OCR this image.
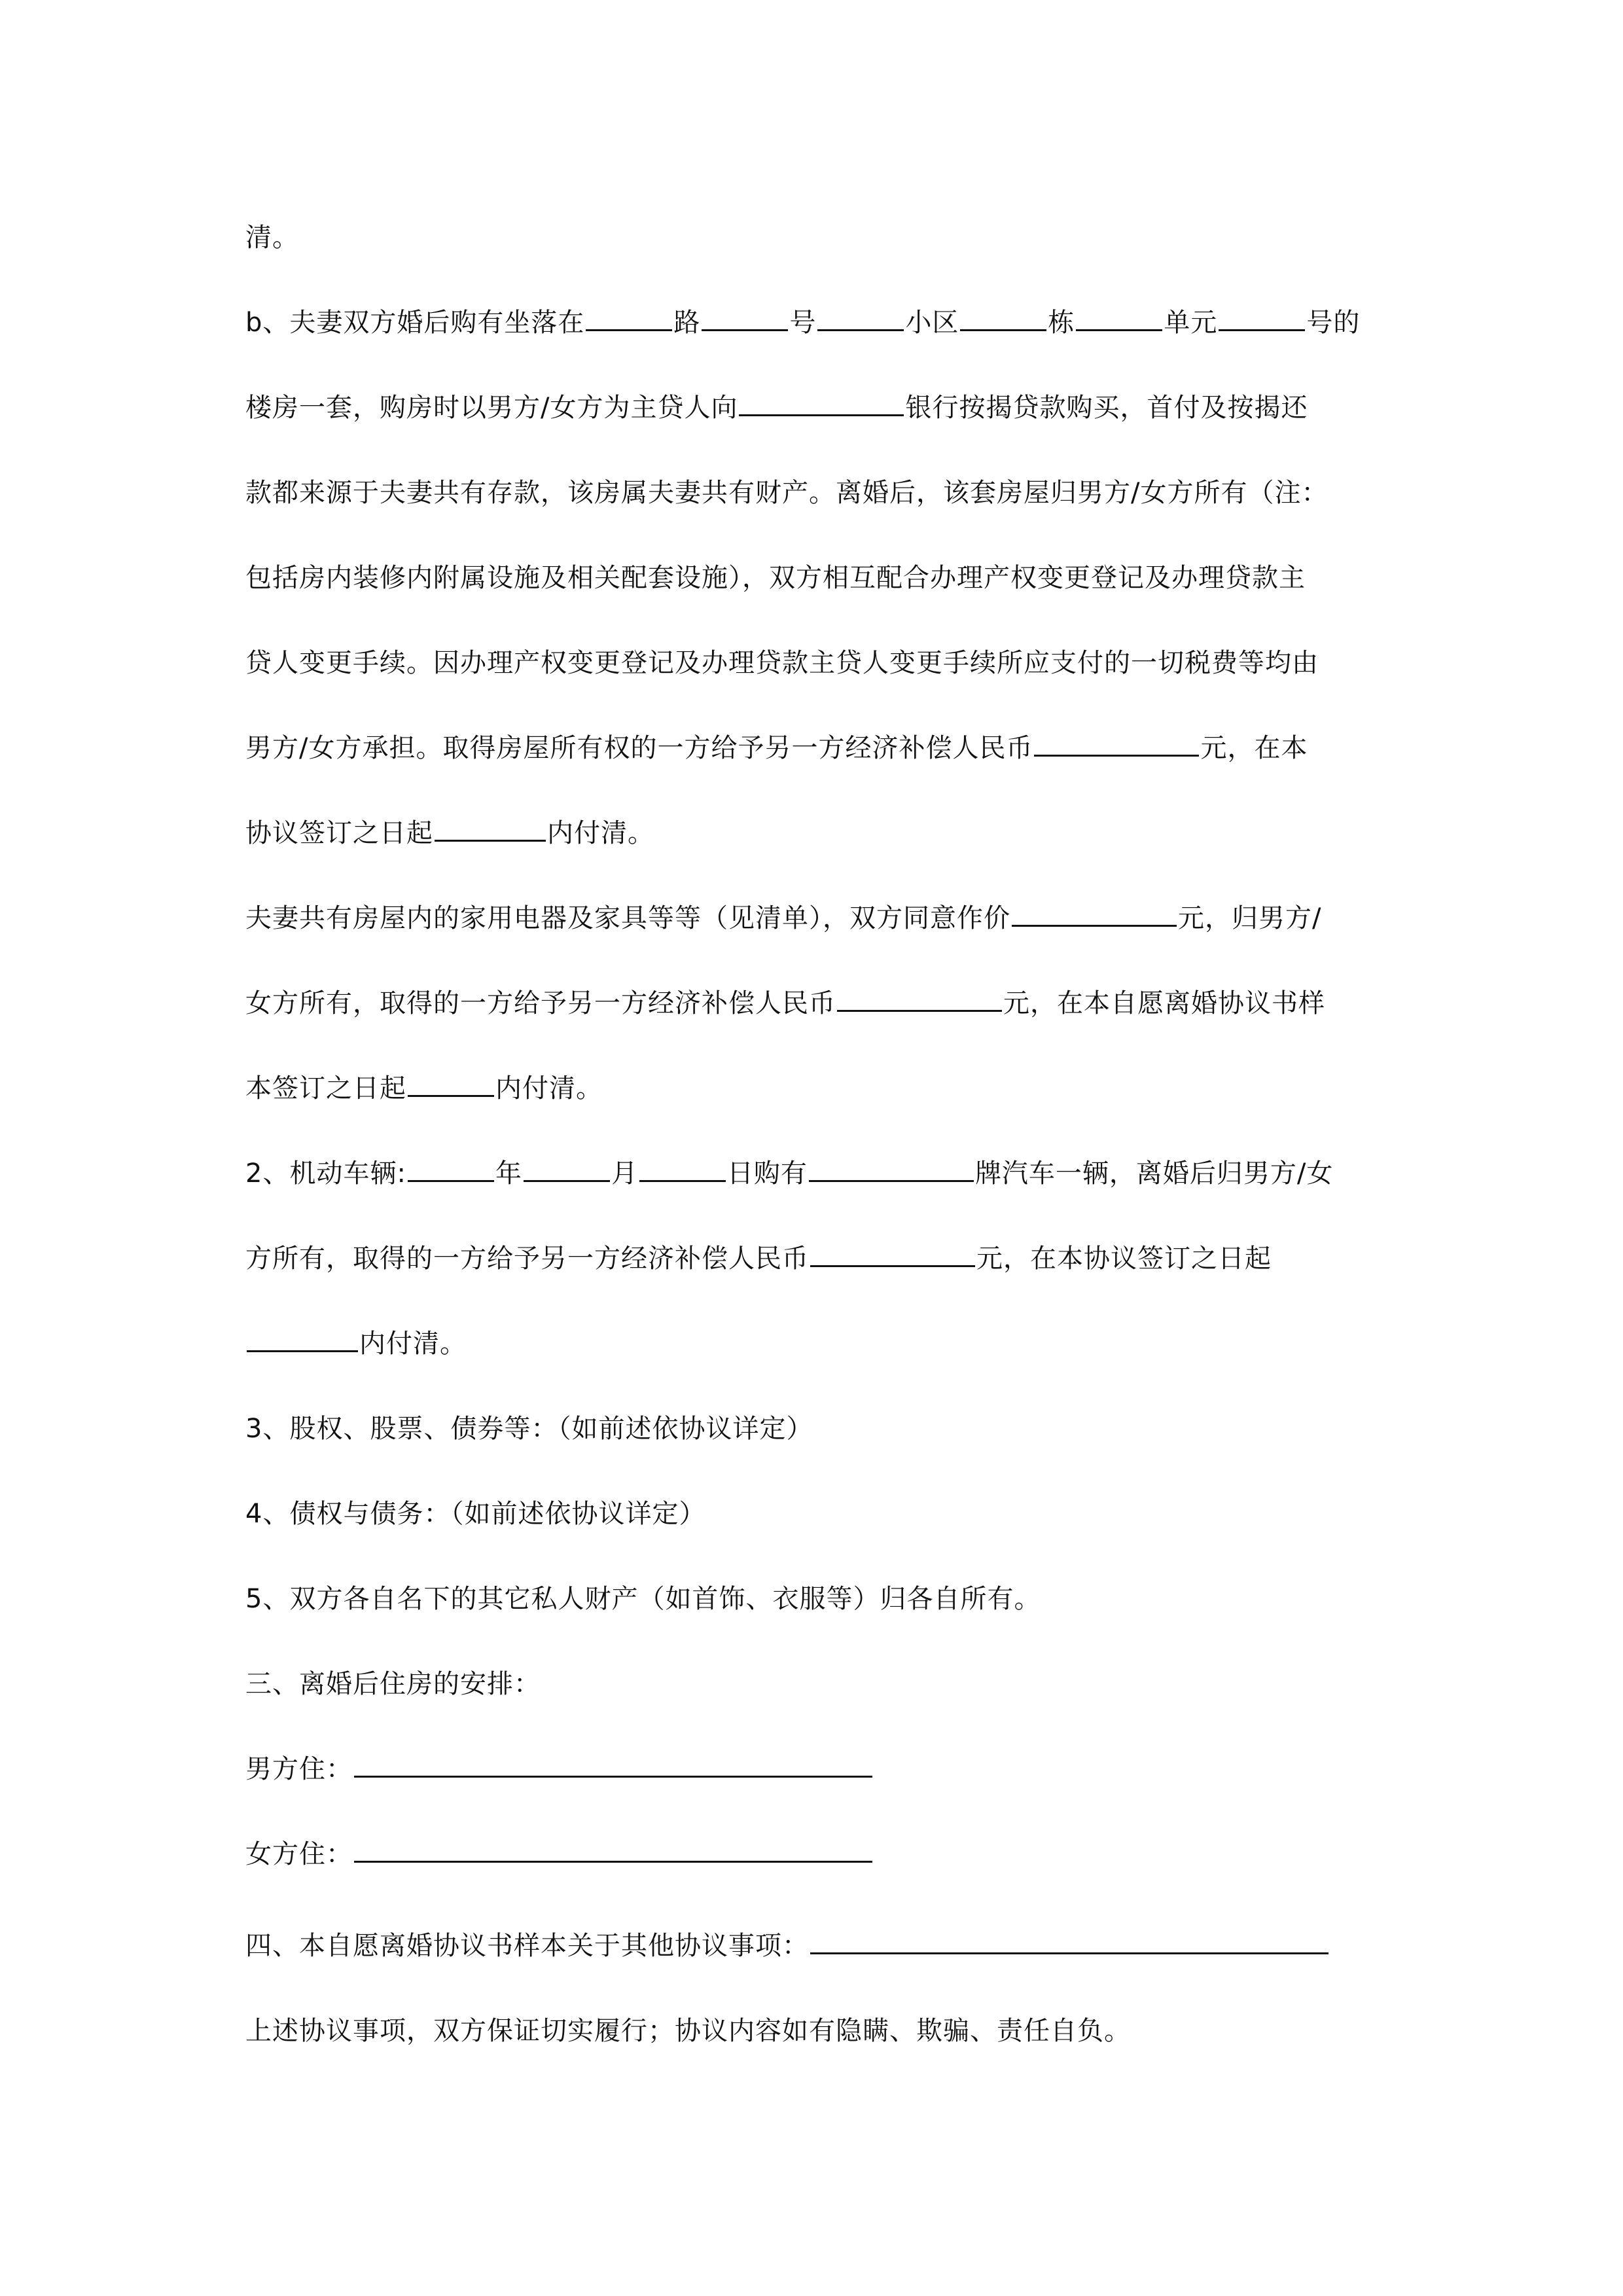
清。
b、夫妻双方婚后购有坐落在	路	号	小区	栋	单元	号的
楼房一套，购房时以男方/女方为主贷人向	银行按揭贷款购买，首付及按揭还
款都来源于夫妻共有存款，该房属夫妻共有财产。离婚后，该套房屋归男方/女方所有（注：
包括房内装修内附属设施及相关配套设施），双方相互配合办理产权变更登记及办理贷款主
贷人变更手续。因办理产权变更登记及办理贷款主贷人变更手续所应支付的一切税费等均由
男方/女方承担。取得房屋所有权的一方给予另一方经济补偿人民币	元，在本
协议签订之日起	内付清。
夫妻共有房屋内的家用电器及家具等等（见清单），双方同意作价	元，归男方/
女方所有，取得的一方给予另一方经济补偿人民币	元，在本自愿离婚协议书样
本签订之日起	内付清。
2、机动车辆:	年	月	日购有	牌汽车一辆，离婚后归男方/女
方所有，取得的一方给予另一方经济补偿人民币	元，在本协议签订之日起
内付清。
3、股权、股票、债券等：（如前述依协议详定）
4、债权与债务：（如前述依协议详定）
5、双方各自名下的其它私人财产（如首饰、衣服等）归各自所有。
三、离婚后住房的安排：
男方住：
女方住：
四、本自愿离婚协议书样本关于其他协议事项：
上述协议事项，双方保证切实履行；协议内容如有隐瞒、欺骗、责任自负。
